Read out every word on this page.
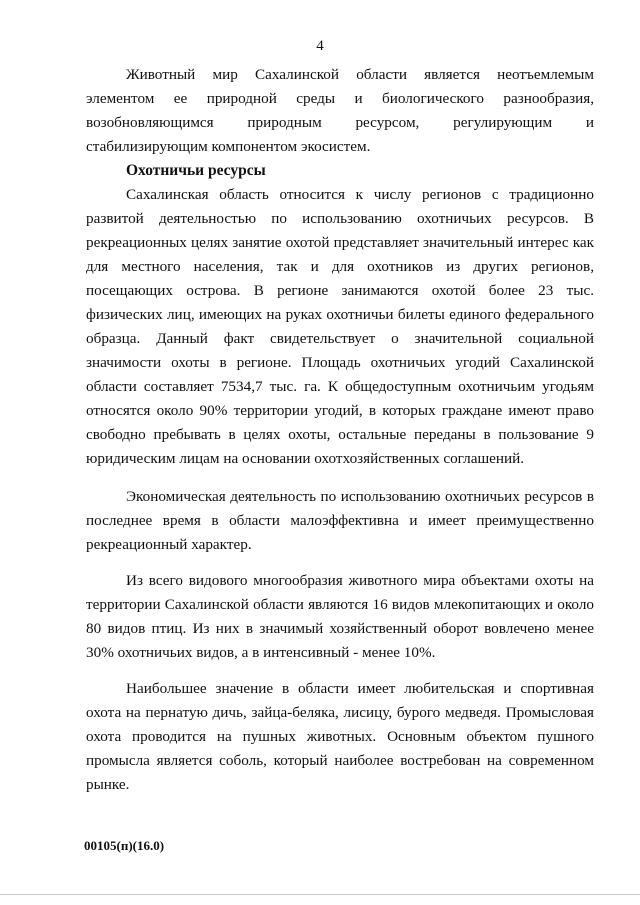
4

Животный мир Сахалинской области является неотъемлемым элементом ее природной среды и биологического разнообразия, возобновляющимся природным ресурсом, регулирующим и стабилизирующим компонентом экосистем.

Охотничьи ресурсы

Сахалинская область относится к числу регионов с традиционно развитой деятельностью по использованию охотничьих ресурсов. В рекреационных целях занятие охотой представляет значительный интерес как для местного населения, так и для охотников из других регионов, посещающих острова. В регионе занимаются охотой более 23 тыс. физических лиц, имеющих на руках охотничьи билеты единого федерального образца. Данный факт свидетельствует о значительной социальной значимости охоты в регионе. Площадь охотничьих угодий Сахалинской области составляет 7534,7 тыс. га. К общедоступным охотничьим угодьям относятся около 90% территории угодий, в которых граждане имеют право свободно пребывать в целях охоты, остальные переданы в пользование 9 юридическим лицам на основании охотхозяйственных соглашений.

Экономическая деятельность по использованию охотничьих ресурсов в последнее время в области малоэффективна и имеет преимущественно рекреационный характер.

Из всего видового многообразия животного мира объектами охоты на территории Сахалинской области являются 16 видов млекопитающих и около 80 видов птиц. Из них в значимый хозяйственный оборот вовлечено менее 30% охотничьих видов, а в интенсивный - менее 10%.

Наибольшее значение в области имеет любительская и спортивная охота на пернатую дичь, зайца-беляка, лисицу, бурого медведя. Промысловая охота проводится на пушных животных. Основным объектом пушного промысла является соболь, который наиболее востребован на современном рынке.

00105(п)(16.0)
